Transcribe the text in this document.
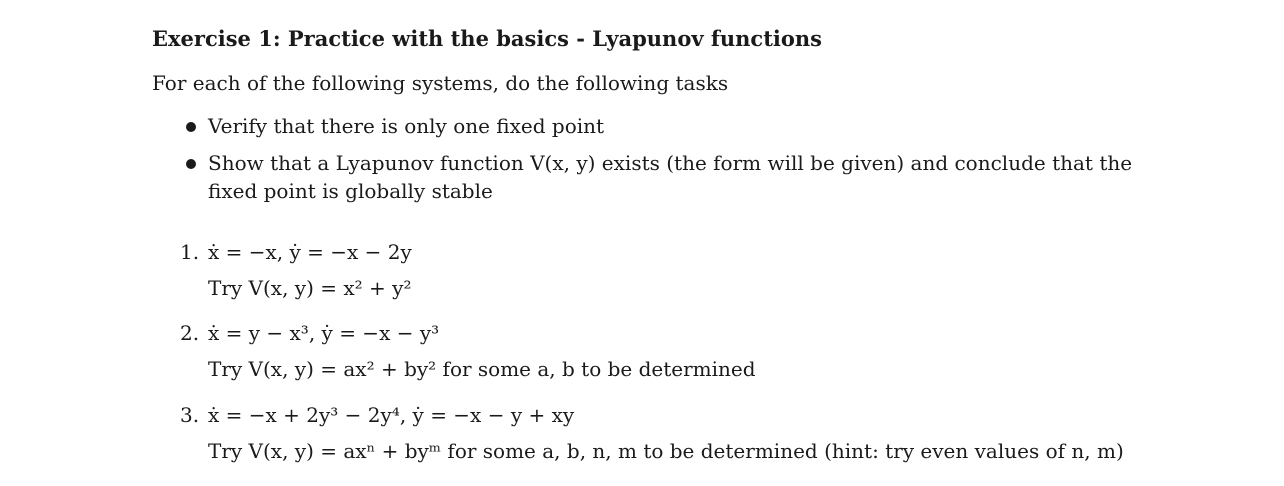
Exercise 1: Practice with the basics - Lyapunov functions
For each of the following systems, do the following tasks
Verify that there is only one fixed point
Show that a Lyapunov function V(x, y) exists (the form will be given) and conclude that the fixed point is globally stable
1. ẋ = −x, ẏ = −x − 2y
Try V(x, y) = x² + y²
2. ẋ = y − x³, ẏ = −x − y³
Try V(x, y) = ax² + by² for some a, b to be determined
3. ẋ = −x + 2y³ − 2y⁴, ẏ = −x − y + xy
Try V(x, y) = axⁿ + byᵐ for some a, b, n, m to be determined (hint: try even values of n, m)
